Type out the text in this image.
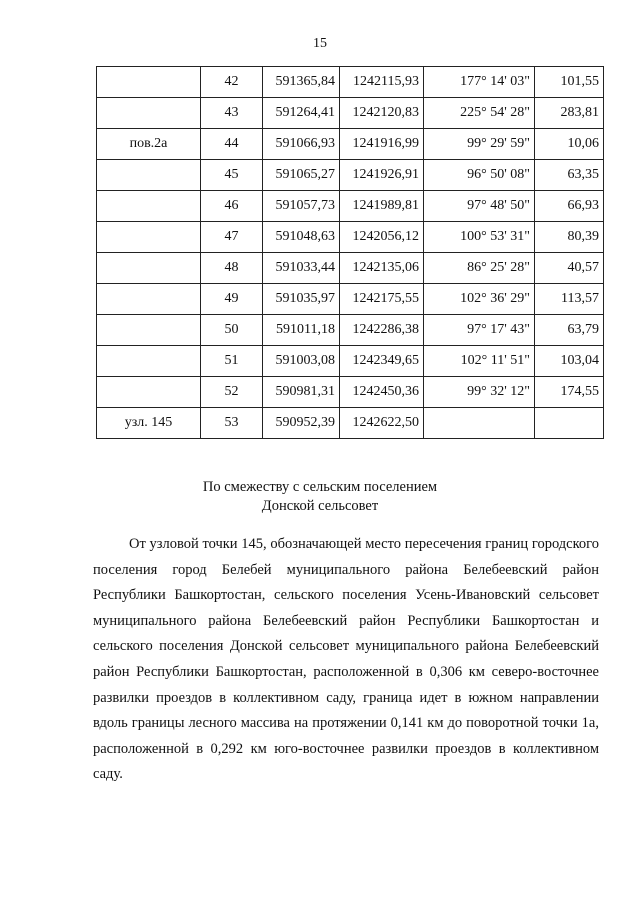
15
	42	591365,84	1242115,93	177° 14' 03"	101,55
	43	591264,41	1242120,83	225° 54' 28"	283,81
пов.2а	44	591066,93	1241916,99	99° 29' 59"	10,06
	45	591065,27	1241926,91	96° 50' 08"	63,35
	46	591057,73	1241989,81	97° 48' 50"	66,93
	47	591048,63	1242056,12	100° 53' 31"	80,39
	48	591033,44	1242135,06	86° 25' 28"	40,57
	49	591035,97	1242175,55	102° 36' 29"	113,57
	50	591011,18	1242286,38	97° 17' 43"	63,79
	51	591003,08	1242349,65	102° 11' 51"	103,04
	52	590981,31	1242450,36	99° 32' 12"	174,55
узл. 145	53	590952,39	1242622,50		
По смежеству с сельским поселением
Донской сельсовет

От узловой точки 145, обозначающей место пересечения границ городского поселения город Белебей муниципального района Белебеевский район Республики Башкортостан, сельского поселения Усень-Ивановский сельсовет муниципального района Белебеевский район Республики Башкортостан и сельского поселения Донской сельсовет муниципального района Белебеевский район Республики Башкортостан, расположенной в 0,306 км северо-восточнее развилки проездов в коллективном саду, граница идет в южном направлении вдоль границы лесного массива на протяжении 0,141 км до поворотной точки 1а, расположенной в 0,292 км юго-восточнее развилки проездов в коллективном саду.
